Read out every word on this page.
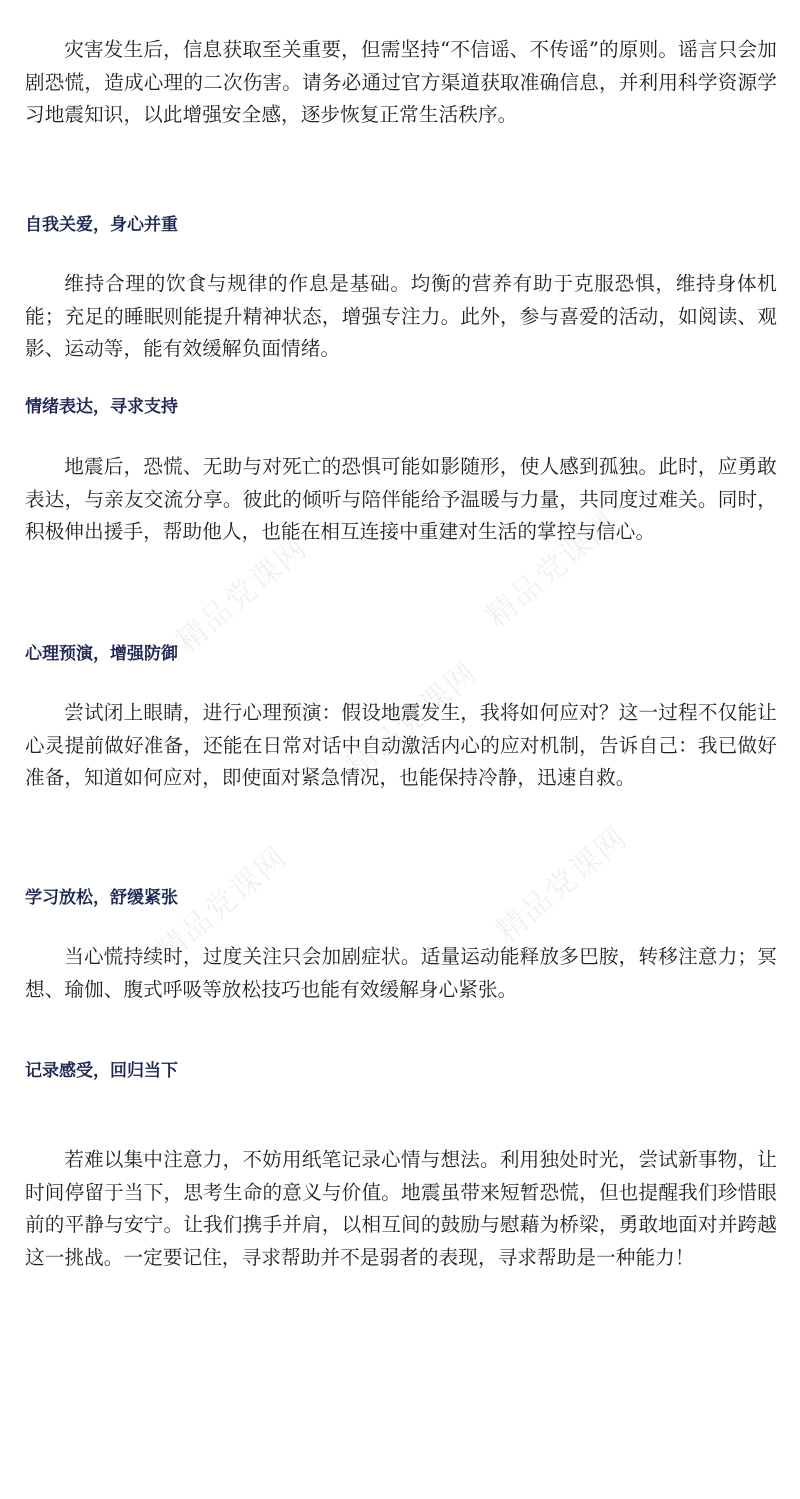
精品党课网	精品党课网
精品党课网
精品党课网	精品党课网

灾害发生后，信息获取至关重要，但需坚持“不信谣、不传谣”的原则。谣言只会加剧恐慌，造成心理的二次伤害。请务必通过官方渠道获取准确信息，并利用科学资源学习地震知识，以此增强安全感，逐步恢复正常生活秩序。

自我关爱，身心并重

维持合理的饮食与规律的作息是基础。均衡的营养有助于克服恐惧，维持身体机能；充足的睡眠则能提升精神状态，增强专注力。此外，参与喜爱的活动，如阅读、观影、运动等，能有效缓解负面情绪。

情绪表达，寻求支持

地震后，恐慌、无助与对死亡的恐惧可能如影随形，使人感到孤独。此时，应勇敢表达，与亲友交流分享。彼此的倾听与陪伴能给予温暖与力量，共同度过难关。同时，积极伸出援手，帮助他人，也能在相互连接中重建对生活的掌控与信心。

心理预演，增强防御

尝试闭上眼睛，进行心理预演：假设地震发生，我将如何应对？这一过程不仅能让心灵提前做好准备，还能在日常对话中自动激活内心的应对机制，告诉自己：我已做好准备，知道如何应对，即使面对紧急情况，也能保持冷静，迅速自救。

学习放松，舒缓紧张

当心慌持续时，过度关注只会加剧症状。适量运动能释放多巴胺，转移注意力；冥想、瑜伽、腹式呼吸等放松技巧也能有效缓解身心紧张。

记录感受，回归当下

若难以集中注意力，不妨用纸笔记录心情与想法。利用独处时光，尝试新事物，让时间停留于当下，思考生命的意义与价值。地震虽带来短暂恐慌，但也提醒我们珍惜眼前的平静与安宁。让我们携手并肩，以相互间的鼓励与慰藉为桥梁，勇敢地面对并跨越这一挑战。一定要记住，寻求帮助并不是弱者的表现，寻求帮助是一种能力！
